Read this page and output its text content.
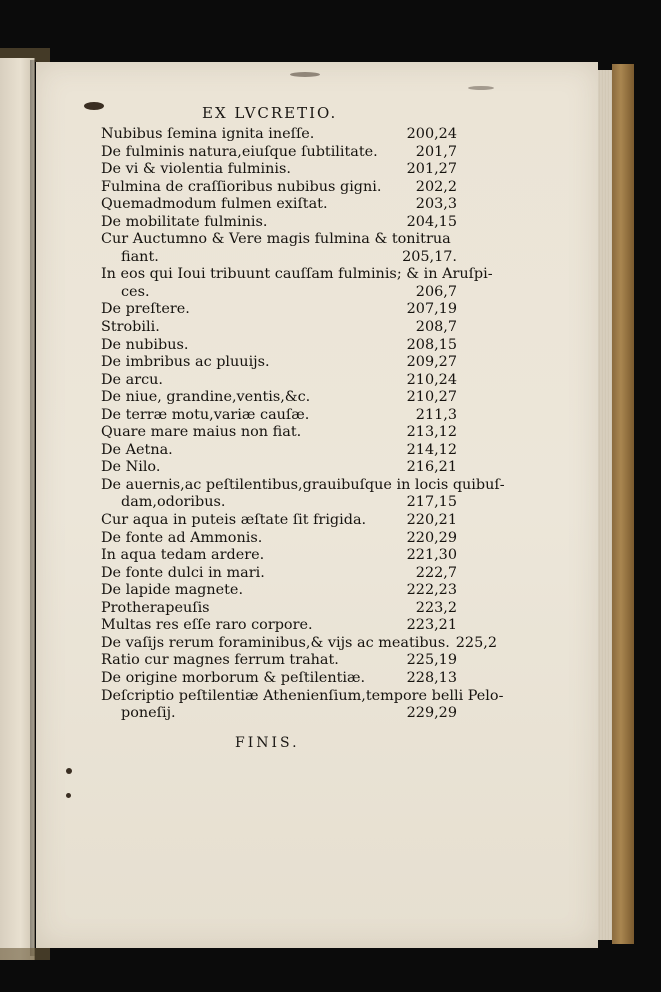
EX LVCRETIO.
Nubibus ſemina ignita ineſſe.	200,24
De fulminis natura,eiuſque ſubtilitate.	201,7
De vi & violentia fulminis.	201,27
Fulmina de craſſioribus nubibus gigni.	202,2
Quemadmodum fulmen exiſtat.	203,3
De mobilitate fulminis.	204,15
Cur Auctumno & Vere magis fulmina & tonitrua
fiant.	205,17.
In eos qui Ioui tribuunt cauſſam fulminis; & in Aruſpi-
ces.	206,7
De preſtere.	207,19
Strobili.	208,7
De nubibus.	208,15
De imbribus ac pluuijs.	209,27
De arcu.	210,24
De niue, grandine,ventis,&c.	210,27
De terræ motu,variæ cauſæ.	211,3
Quare mare maius non fiat.	213,12
De Aetna.	214,12
De Nilo.	216,21
De auernis,ac peſtilentibus,grauibuſque in locis quibuſ-
dam,odoribus.	217,15
Cur aqua in puteis æſtate ſit frigida.	220,21
De fonte ad Ammonis.	220,29
In aqua tedam ardere.	221,30
De fonte dulci in mari.	222,7
De lapide magnete.	222,23
Protherapeuſis	223,2
Multas res eſſe raro corpore.	223,21
De vaſijs rerum foraminibus,& vijs ac meatibus. 225,2
Ratio cur magnes ferrum trahat.	225,19
De origine morborum & peſtilentiæ.	228,13
Deſcriptio peſtilentiæ Athenienſium,tempore belli Pelo-
poneſij.	229,29
FINIS.
